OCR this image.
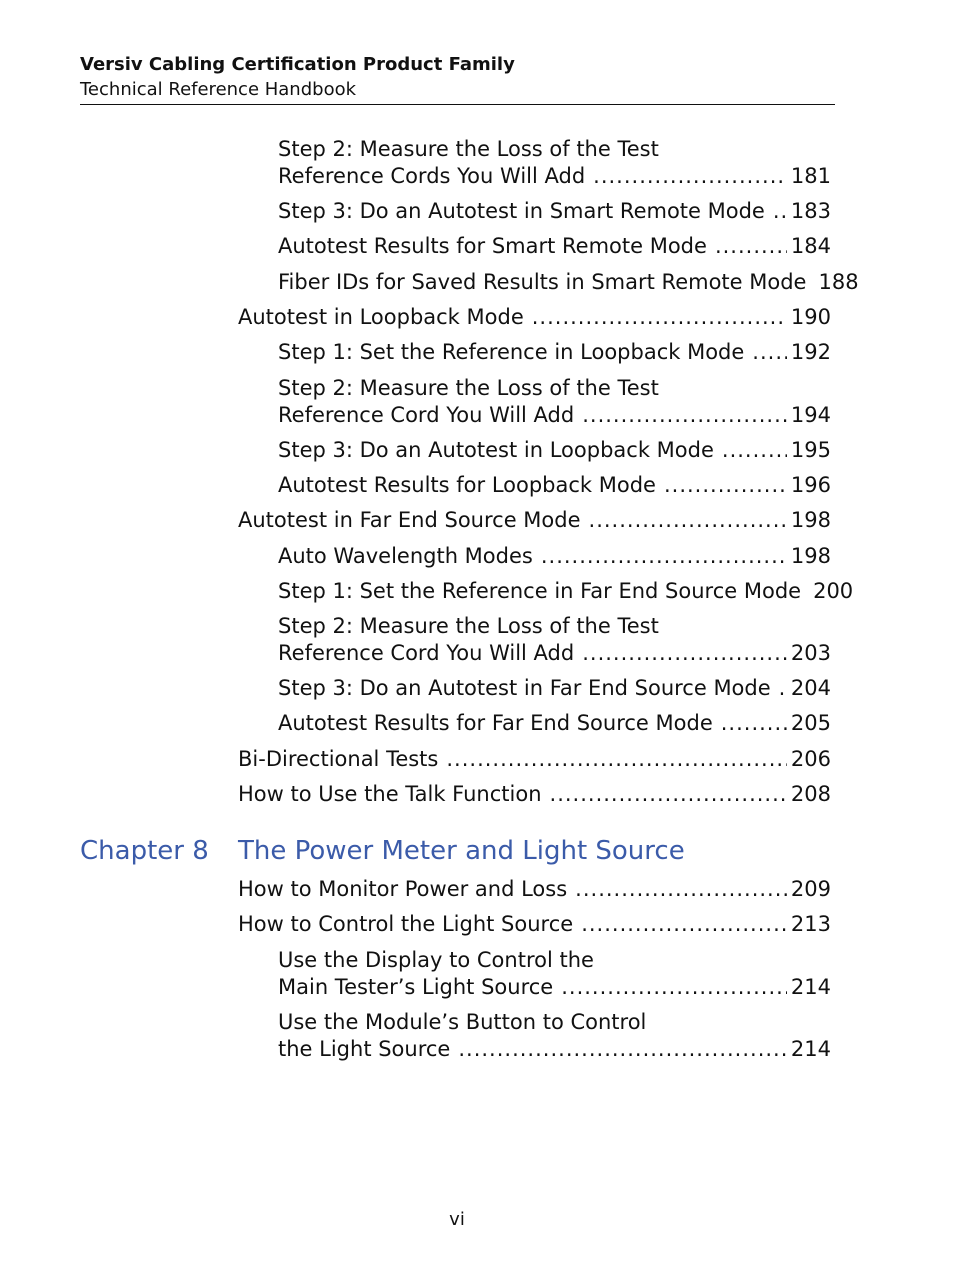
Versiv Cabling Certification Product Family
Technical Reference Handbook
Step 2: Measure the Loss of the Test
Reference Cords You Will Add .....	181
Step 3: Do an Autotest in Smart Remote Mode ..... 183
Autotest Results for Smart Remote Mode .....	184
Fiber IDs for Saved Results in Smart Remote Mode 188
Autotest in Loopback Mode .....	190
Step 1: Set the Reference in Loopback Mode ..... 192
Step 2: Measure the Loss of the Test
Reference Cord You Will Add .....	194
Step 3: Do an Autotest in Loopback Mode .....	195
Autotest Results for Loopback Mode .....	196
Autotest in Far End Source Mode .....	198
Auto Wavelength Modes .....	198
Step 1: Set the Reference in Far End Source Mode 200
Step 2: Measure the Loss of the Test
Reference Cord You Will Add .....	203
Step 3: Do an Autotest in Far End Source Mode ..... 204
Autotest Results for Far End Source Mode .....	205
Bi-Directional Tests .....	206
How to Use the Talk Function .....	208
Chapter 8 The Power Meter and Light Source
How to Monitor Power and Loss .....	209
How to Control the Light Source .....	213
Use the Display to Control the
Main Tester’s Light Source .....	214
Use the Module’s Button to Control
the Light Source .....	214
vi
